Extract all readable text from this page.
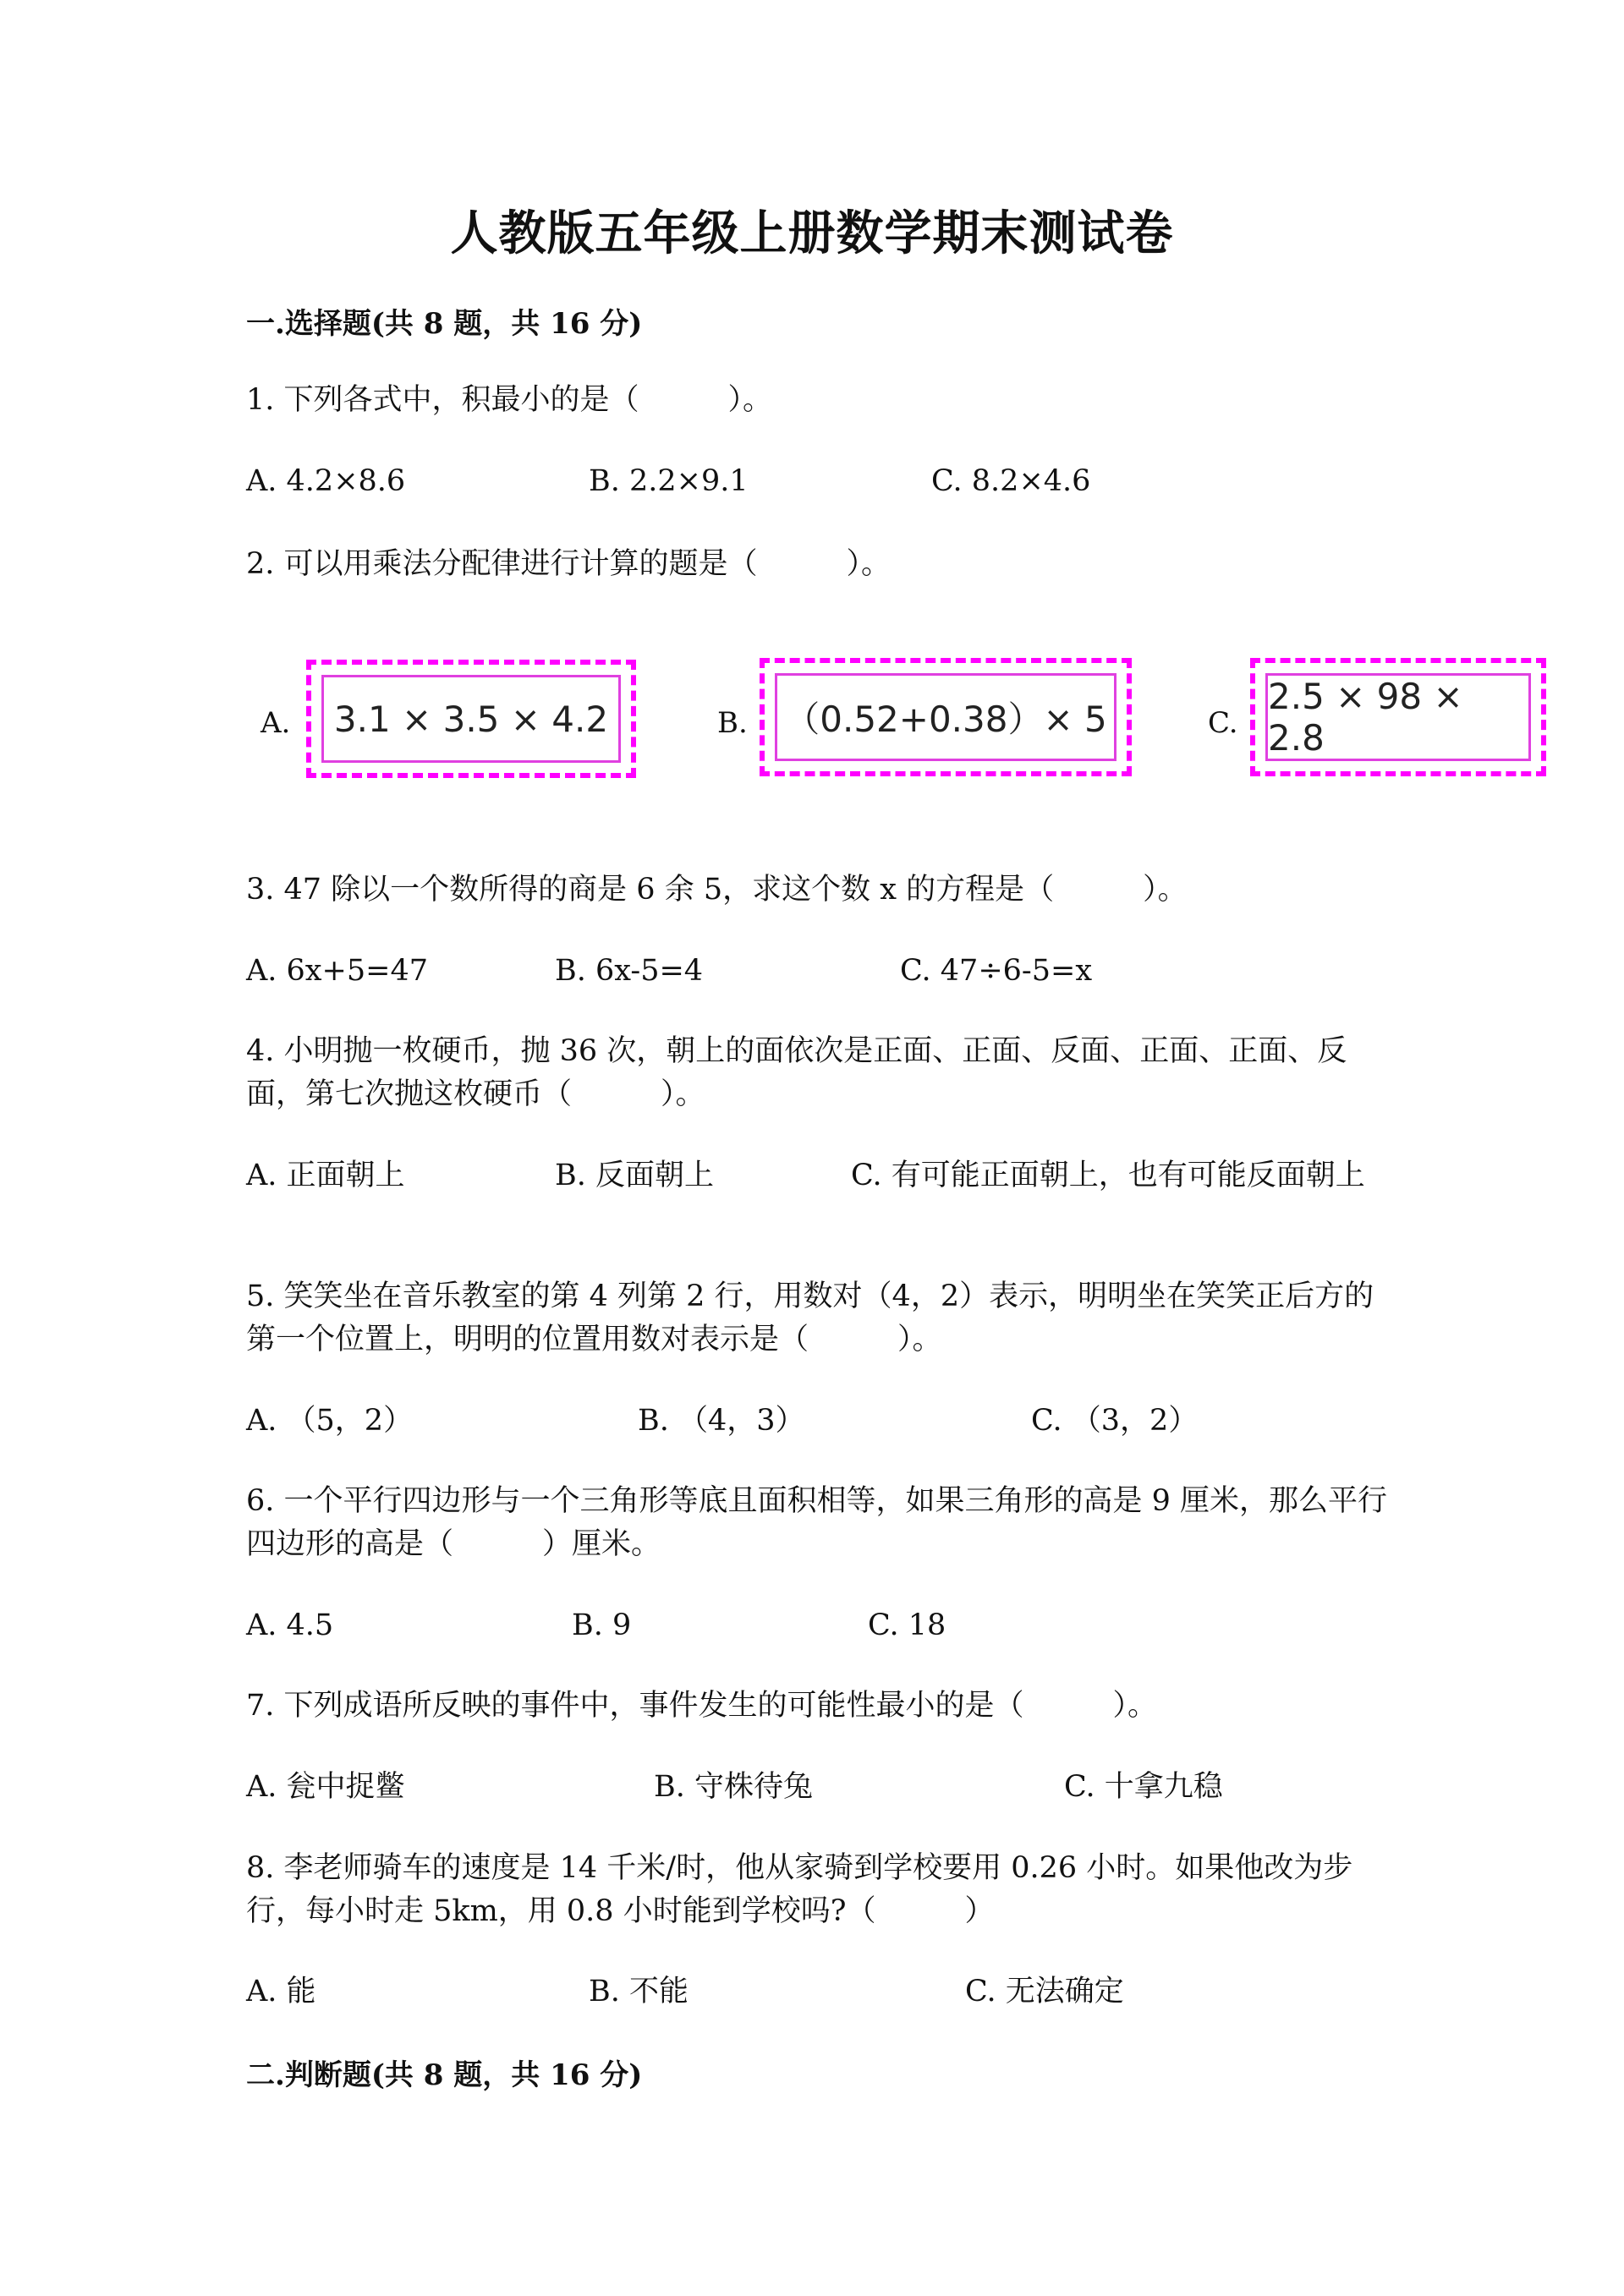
人教版五年级上册数学期末测试卷
一.选择题(共 8 题，共 16 分)
1. 下列各式中，积最小的是（　　　）。
A. 4.2×8.6	B. 2.2×9.1	C. 8.2×4.6
2. 可以用乘法分配律进行计算的题是（　　　）。
A.	3.1 × 3.5 × 4.2	B. （0.52+0.38）× 5	C.
2.5 × 98 × 2.8
3. 47 除以一个数所得的商是 6 余 5，求这个数 x 的方程是（　　　）。
A. 6x+5=47	B. 6x-5=4	C. 47÷6-5=x
4. 小明抛一枚硬币，抛 36 次，朝上的面依次是正面、正面、反面、正面、正面、反面，第七次抛这枚硬币（　　　）。
A. 正面朝上	B. 反面朝上	C. 有可能正面朝上，也有可能反面朝上
5. 笑笑坐在音乐教室的第 4 列第 2 行，用数对（4，2）表示，明明坐在笑笑正后方的第一个位置上，明明的位置用数对表示是（　　　）。
A. （5，2）	B. （4，3）	C. （3，2）
6. 一个平行四边形与一个三角形等底且面积相等，如果三角形的高是 9 厘米，那么平行四边形的高是（　　　）厘米。
A. 4.5	B. 9	C. 18
7. 下列成语所反映的事件中，事件发生的可能性最小的是（　　　）。
A. 瓮中捉鳖	B. 守株待兔	C. 十拿九稳
8. 李老师骑车的速度是 14 千米/时，他从家骑到学校要用 0.26 小时。如果他改为步行，每小时走 5km，用 0.8 小时能到学校吗?（　　　）
A. 能	B. 不能	C. 无法确定
二.判断题(共 8 题，共 16 分)
